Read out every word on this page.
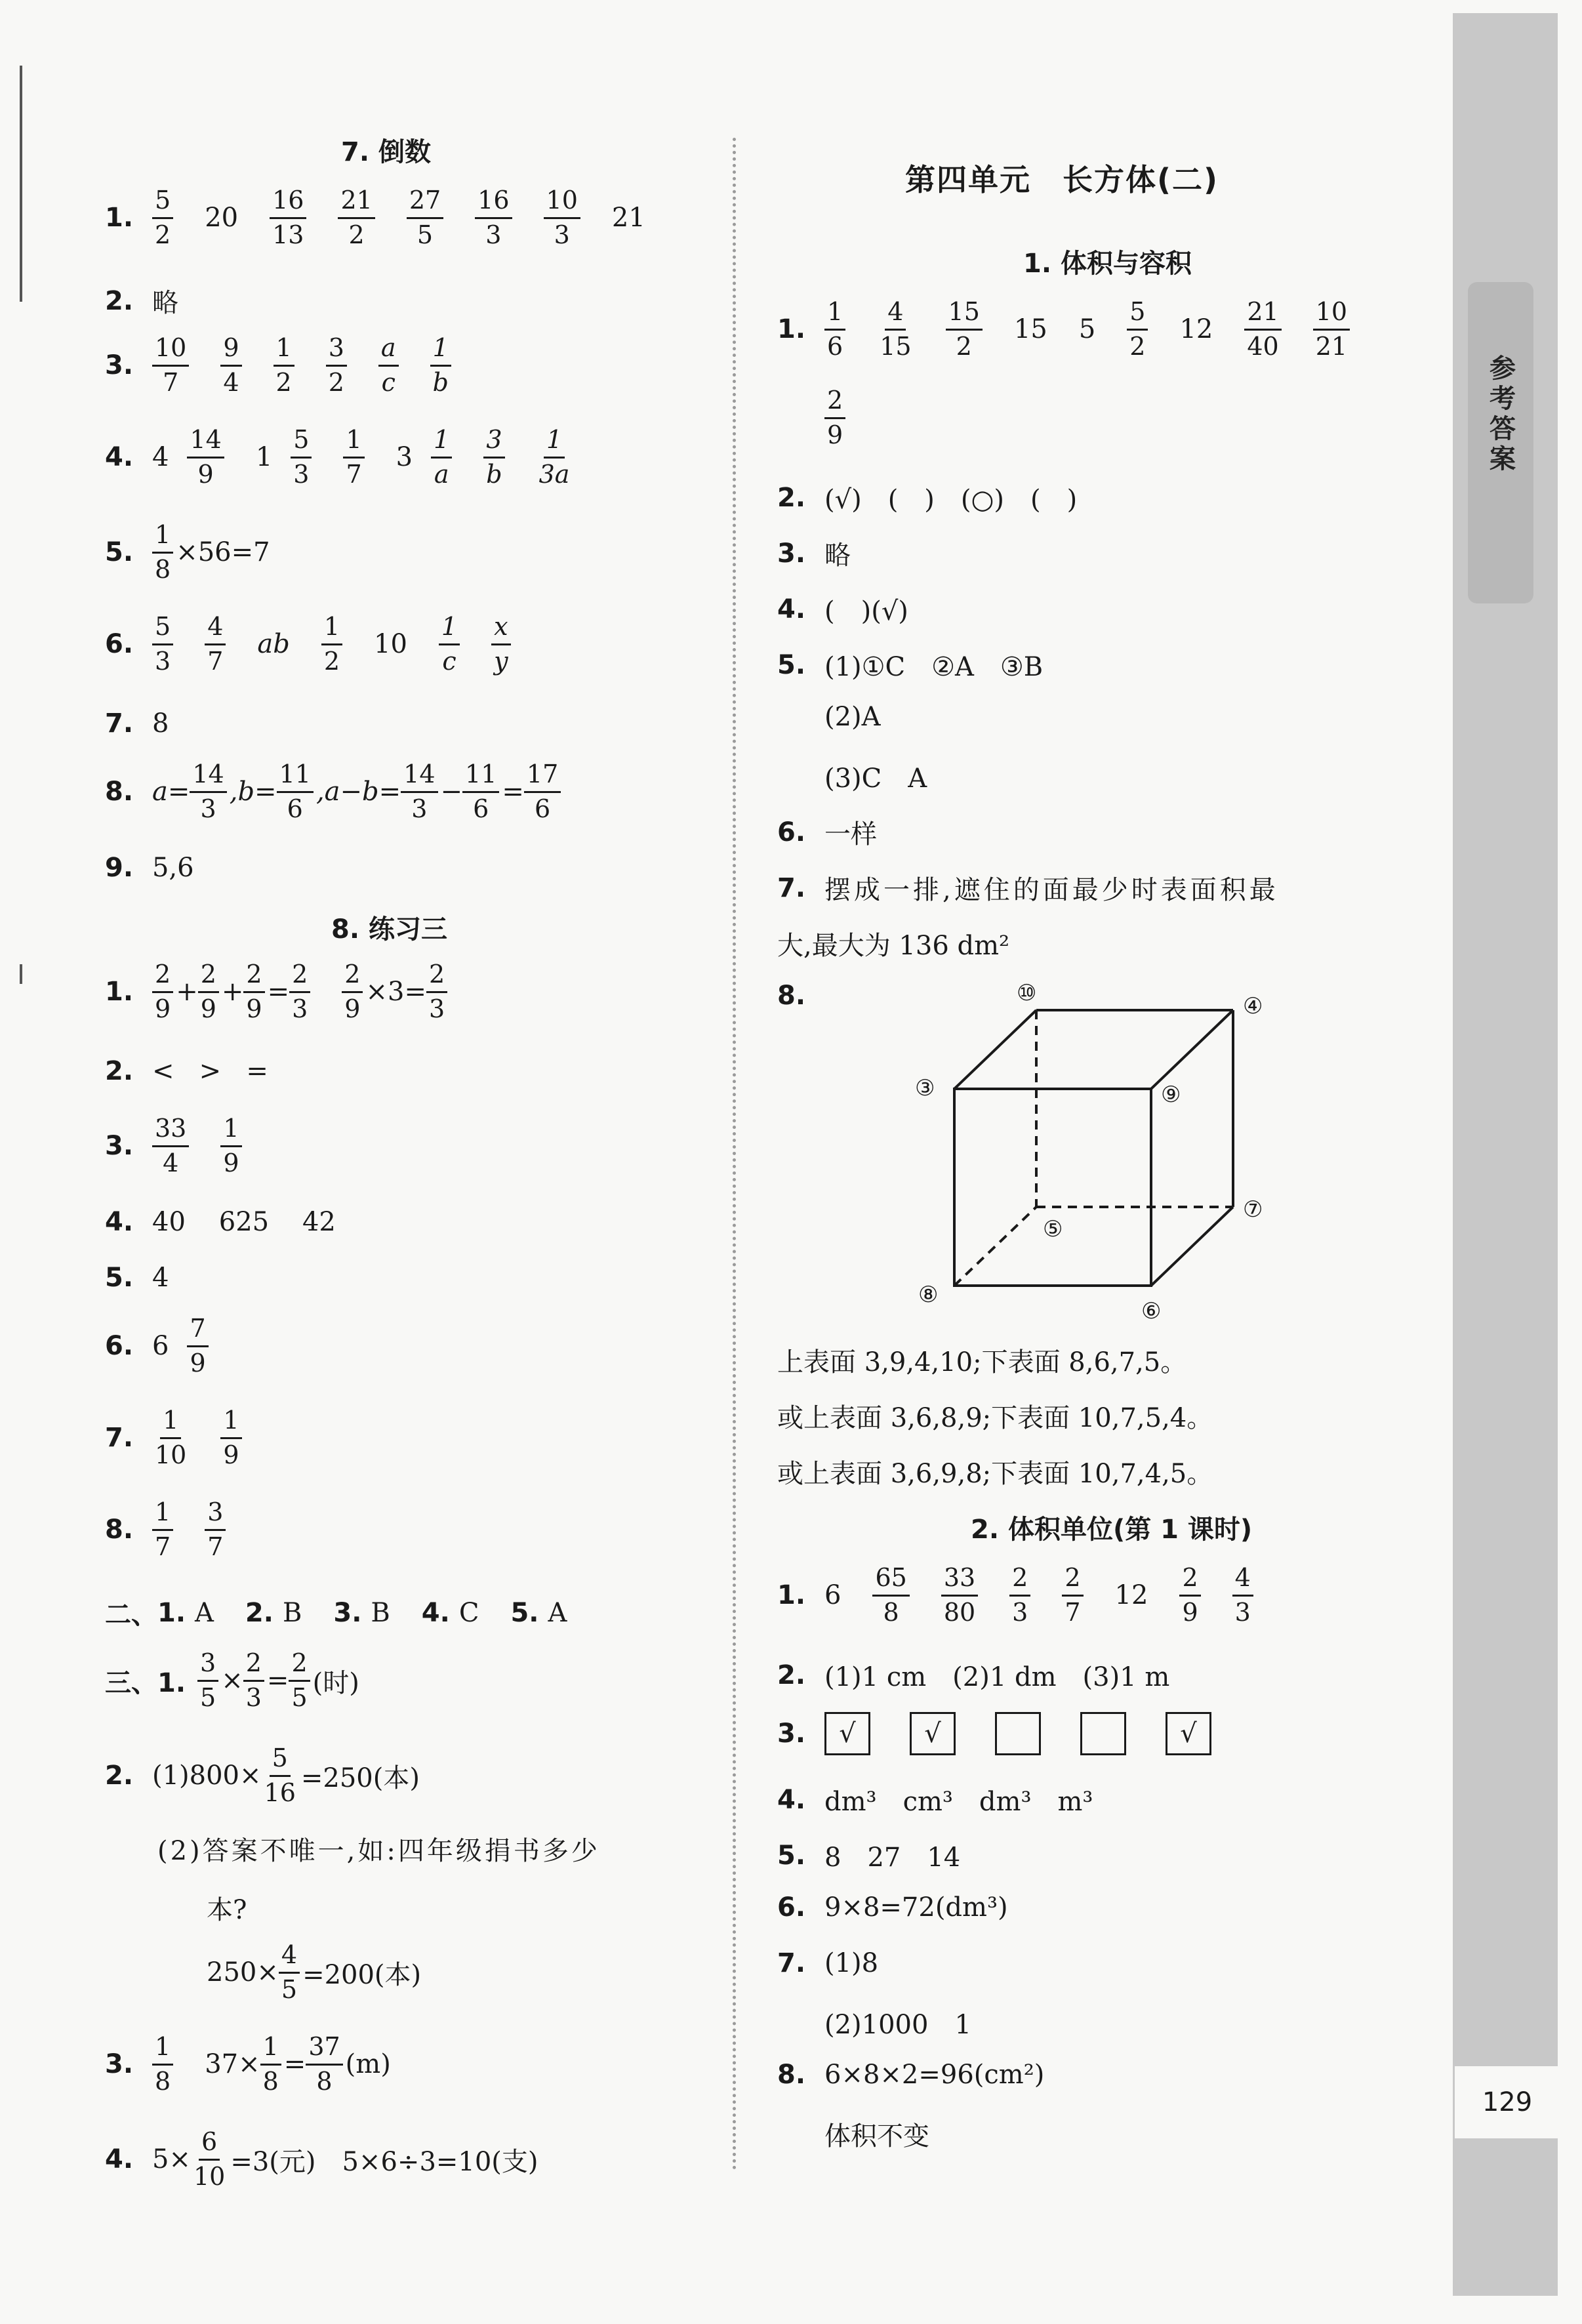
7. 倒数
1. $\frac{5}{2} 20 \frac{16}{13} \frac{21}{2} \frac{27}{5} \frac{16}{3} \frac{10}{3} 21$
2. 略
3. $\frac{10}{7} \frac{9}{4} \frac{1}{2} \frac{3}{2} \frac{a}{c} \frac{1}{b}$
4. $4 \frac{14}{9} 1 \frac{5}{3} \frac{1}{7} 3 \frac{1}{a} \frac{3}{b} \frac{1}{3a}$
5. $\frac{1}{8} \times 56=7$
6. $\frac{5}{3} \frac{4}{7}$ ab $\frac{1}{2} 10 \frac{1}{c} \frac{x}{y}$
7. 8
8. $a= \frac{14}{3} ,b= \frac{11}{6} ,a-b= \frac{14}{3} - \frac{11}{6} = \frac{17}{6}$
9. 5,6
8. 练习三
1. $\frac{2}{9} + \frac{2}{9} + \frac{2}{9} = \frac{2}{3} \frac{2}{9} \times 3= \frac{2}{3}$
2. <   >   =
3. $\frac{33}{4} \frac{1}{9}$
4. 40    625    42
5. 4
6. $6 \frac{7}{9}$
7. $\frac{1}{10} \frac{1}{9}$
8. $\frac{1}{7} \frac{3}{7}$
二、 1. A 2. B 3. B 4. C 5. A
三、1. $\frac{3}{5} \times \frac{2}{3} = \frac{2}{5}$ (时)
2. $(1)800\times \frac{5}{16} =250$(本)
(2)答案不唯一,如:四年级捐书多少
本?
$250\times \frac{4}{5} =200$(本)
3. $\frac{1}{8} 37\times \frac{1}{8} = \frac{37}{8} (m)$
4. $5\times \frac{6}{10} =3$(元) 5×6÷3=10(支)
第四单元　长方体(二)
1. 体积与容积
1. $\frac{1}{6} \frac{4}{15} \frac{15}{2} 15$ $5 \frac{5}{2} 12 \frac{21}{40} \frac{10}{21}$
$\frac{2}{9}$
2. (√)　(　)　(○)　(　)
3. 略
4. (　)(√)
5. (1)①C　②A　③B
(2)A
(3)C　A
6. 一样
7. 摆成一排,遮住的面最少时表面积最
大,最大为 136 dm²
8.	⑩	④
③	⑨
⑤
⑦
⑧
⑥
上表面 3,9,4,10;下表面 8,6,7,5。
或上表面 3,6,8,9;下表面 10,7,5,4。
或上表面 3,6,9,8;下表面 10,7,4,5。
2. 体积单位(第 1 课时)
1. $6 \frac{65}{8} \frac{33}{80} \frac{2}{3} \frac{2}{7} 12 \frac{2}{9} \frac{4}{3}$
2. (1)1 cm　(2)1 dm　(3)1 m
3.	√	√	√
4. dm³　cm³　dm³　m³
5. 8　27　14
6. 9×8=72(dm³)
7. (1)8
(2)1000　1
8. 6×8×2=96(cm²)
体积不变
参考答案
129
